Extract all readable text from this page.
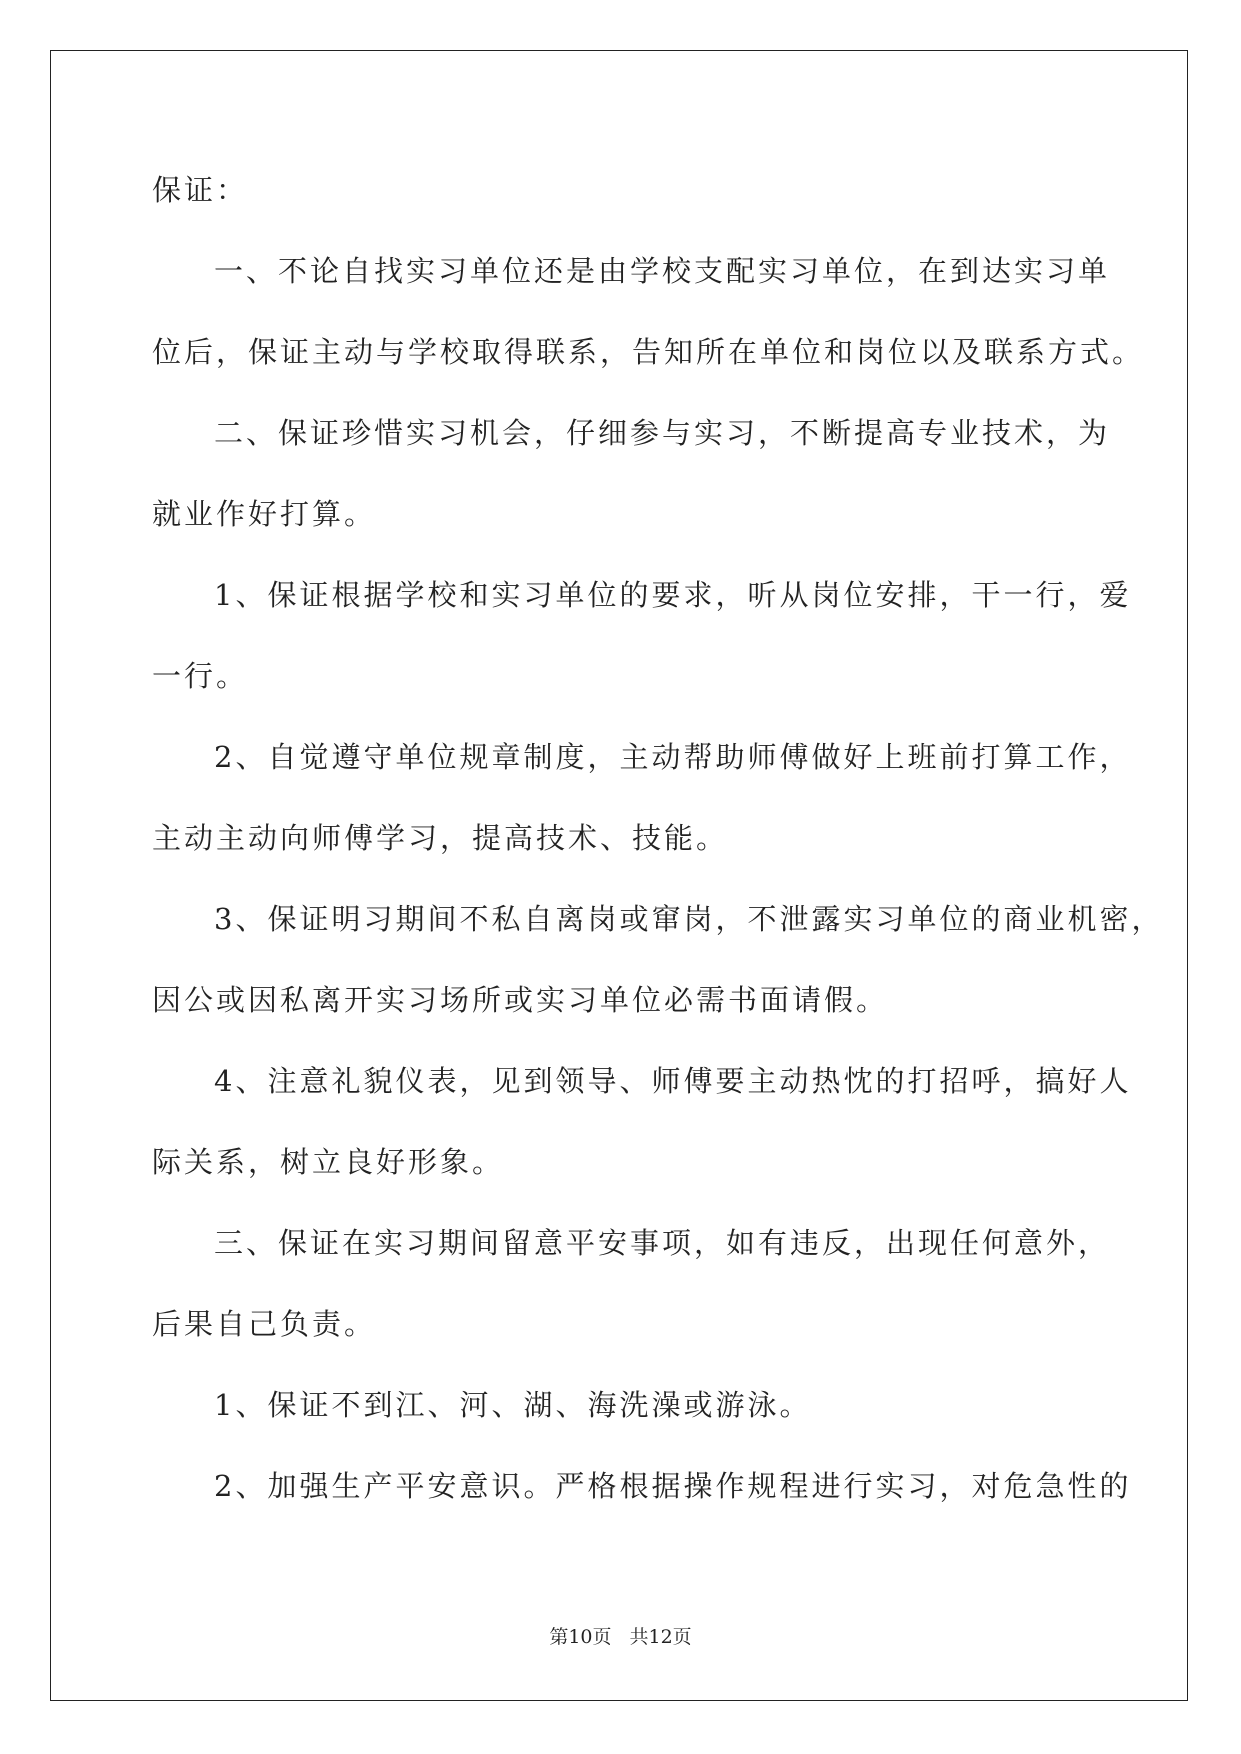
保证：
一、不论自找实习单位还是由学校支配实习单位，在到达实习单
位后，保证主动与学校取得联系，告知所在单位和岗位以及联系方式。
二、保证珍惜实习机会，仔细参与实习，不断提高专业技术，为
就业作好打算。
1、保证根据学校和实习单位的要求，听从岗位安排，干一行，爱
一行。
2、自觉遵守单位规章制度，主动帮助师傅做好上班前打算工作，
主动主动向师傅学习，提高技术、技能。
3、保证明习期间不私自离岗或窜岗，不泄露实习单位的商业机密，
因公或因私离开实习场所或实习单位必需书面请假。
4、注意礼貌仪表，见到领导、师傅要主动热忱的打招呼，搞好人
际关系，树立良好形象。
三、保证在实习期间留意平安事项，如有违反，出现任何意外，
后果自己负责。
1、保证不到江、河、湖、海洗澡或游泳。
2、加强生产平安意识。严格根据操作规程进行实习，对危急性的
第10页 共12页
